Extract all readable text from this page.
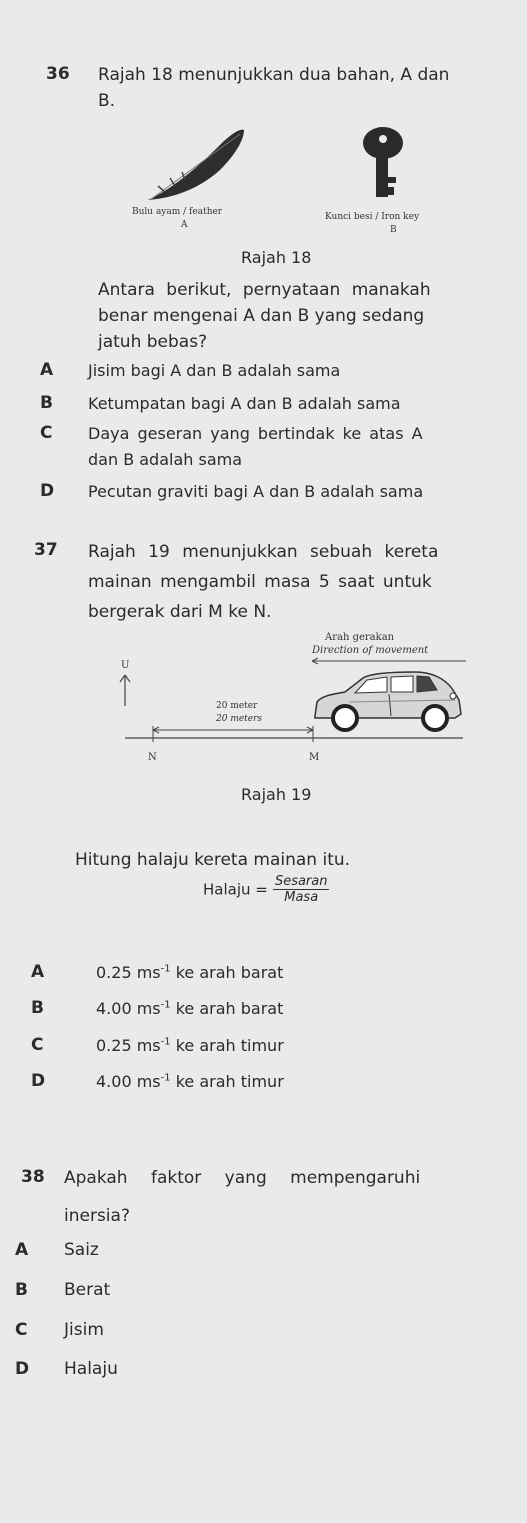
36 Rajah 18 menunjukkan dua bahan, A dan
B.
Bulu ayam / feather
A
Kunci besi / Iron key
B
Rajah 18
Antara berikut, pernyataan manakah
benar mengenai A dan B yang sedang
jatuh bebas?
A Jisim bagi A dan B adalah sama
B Ketumpatan bagi A dan B adalah sama
C Daya geseran yang bertindak ke atas A
dan B adalah sama
D Pecutan graviti bagi A dan B adalah sama
37 Rajah 19 menunjukkan sebuah kereta
mainan mengambil masa 5 saat untuk
bergerak dari M ke N.
Arah gerakan
Direction of movement
U
20 meter
20 meters
N	M
Rajah 19
Hitung halaju kereta mainan itu.
Halaju = $\frac{\text{Sesaran}}{\text{Masa}}$
A	0.25 $ms^{-1}$ ke arah barat
B	4.00 $ms^{-1}$ ke arah barat
C	0.25 $ms^{-1}$ ke arah timur
D	4.00 $ms^{-1}$ ke arah timur
38 Apakah faktor yang mempengaruhi
inersia?
A Saiz
B Berat
C Jisim
D Halaju
